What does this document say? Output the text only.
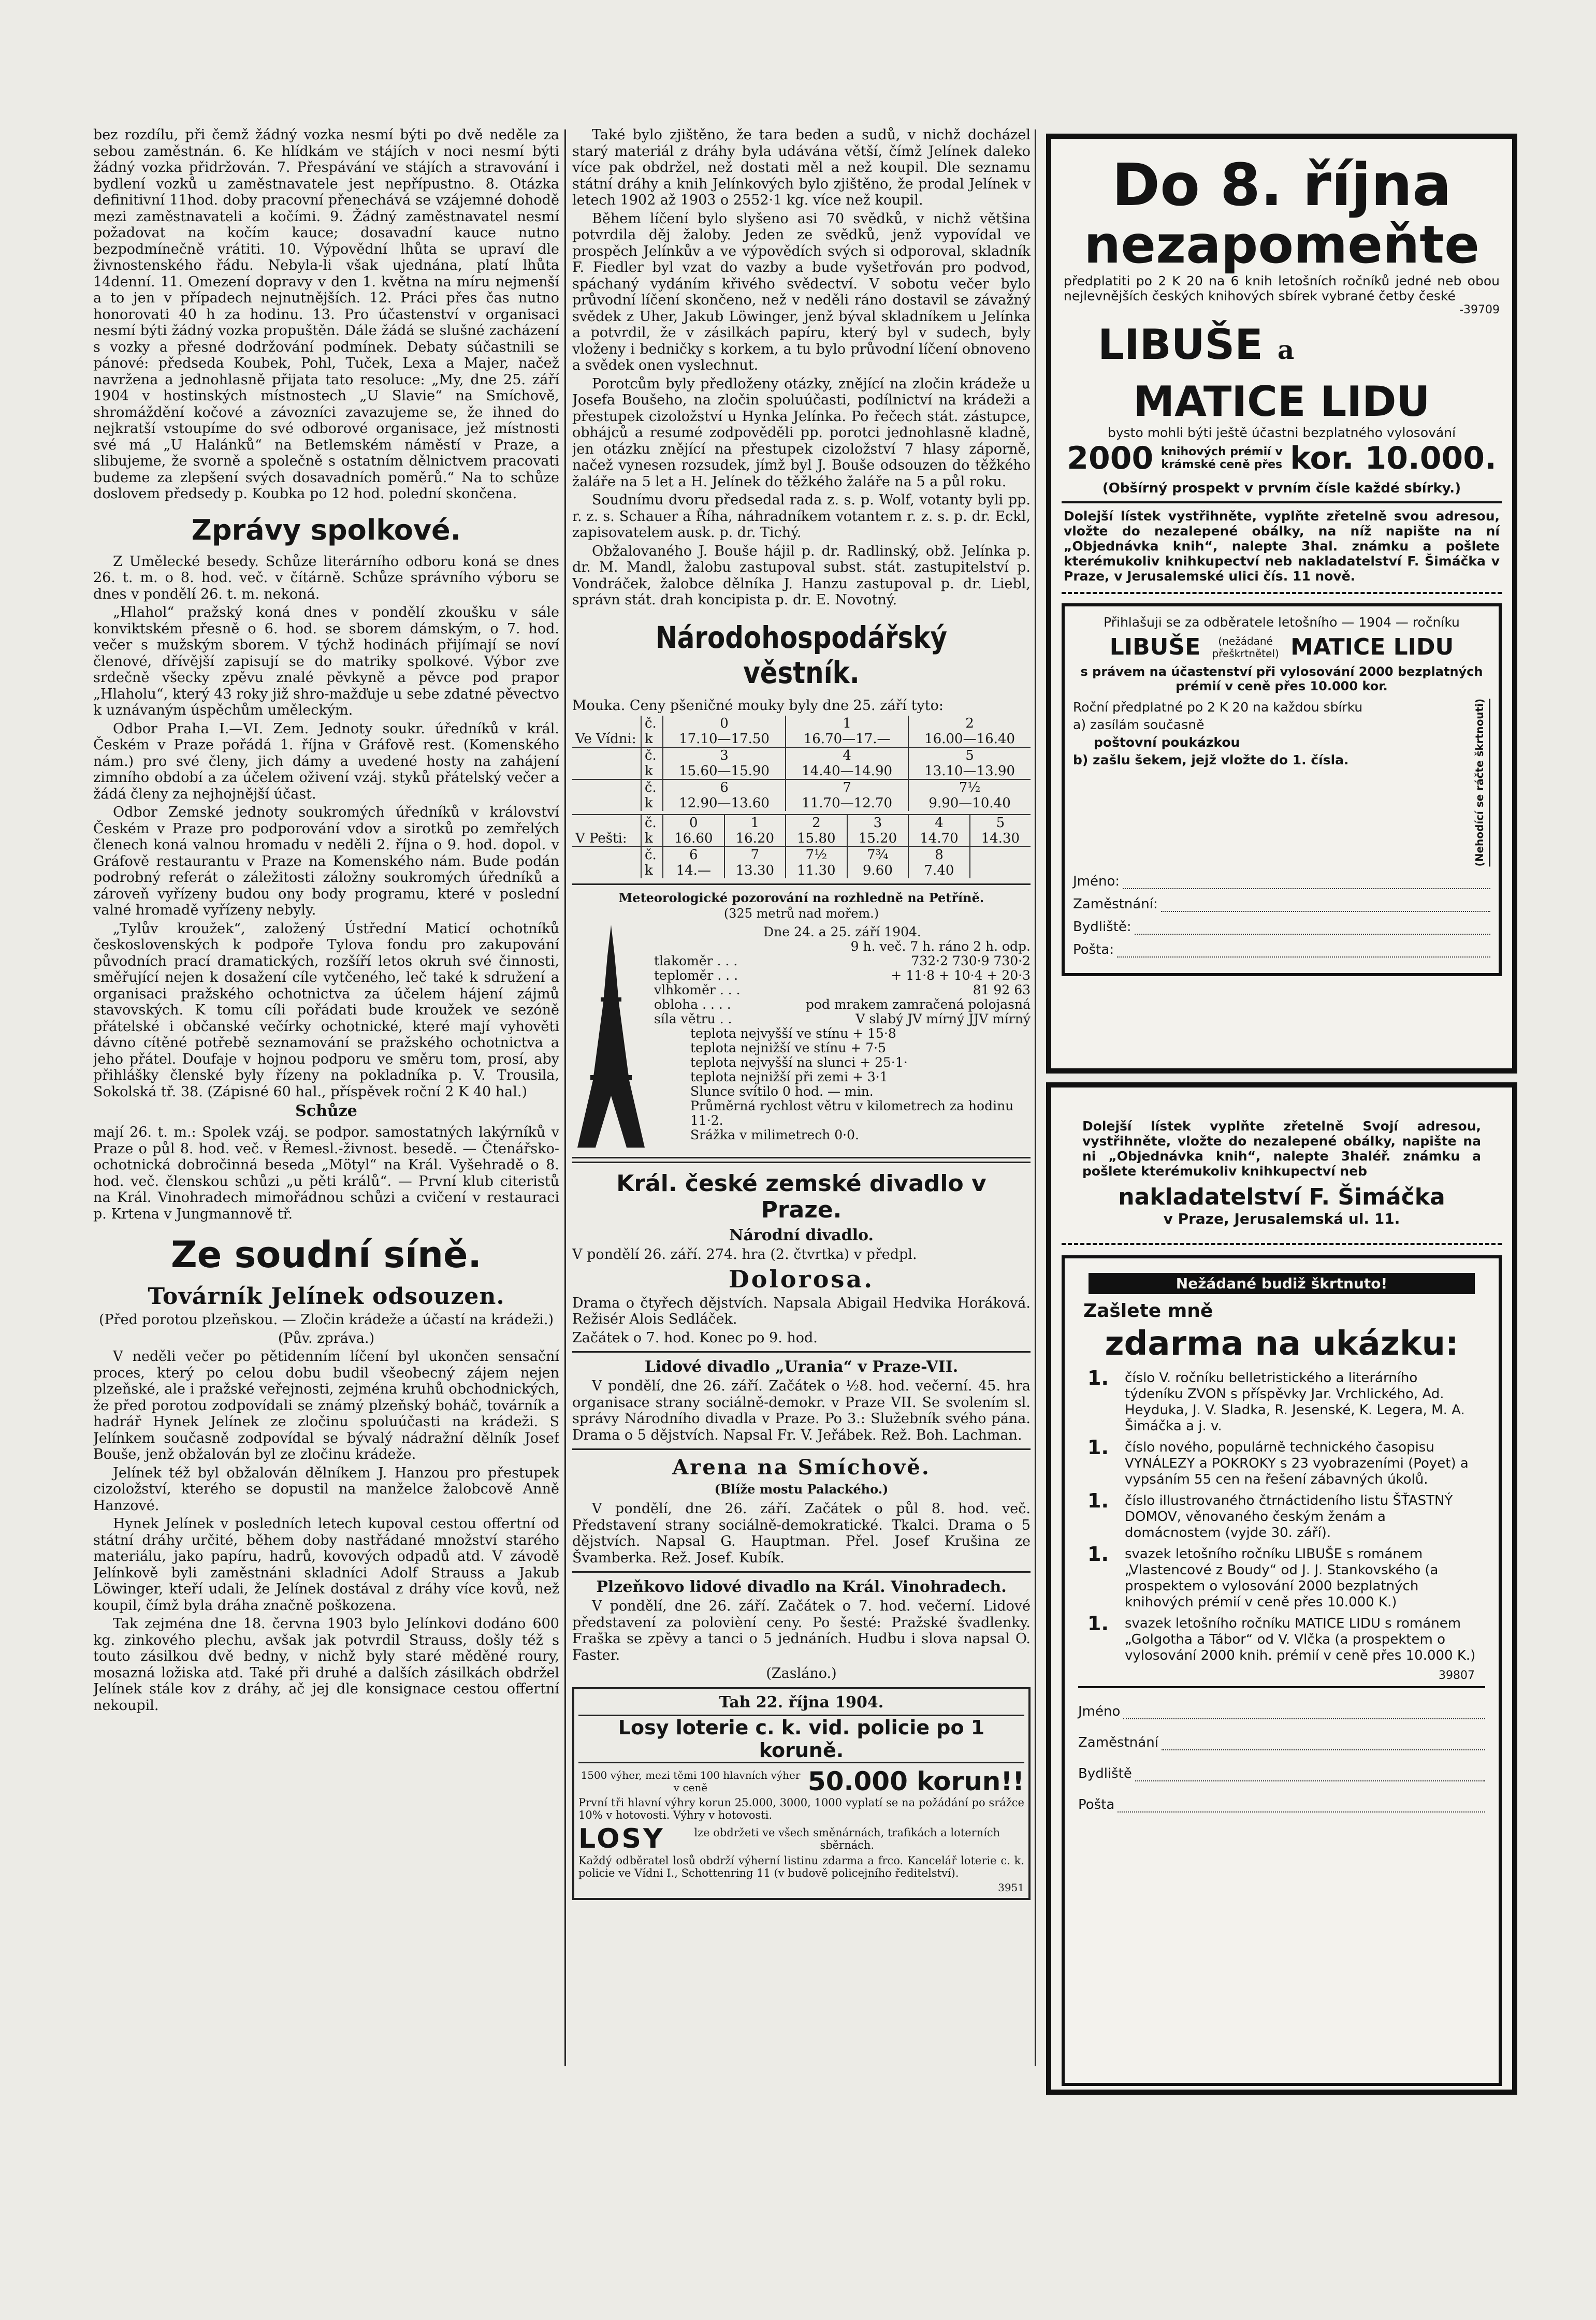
bez rozdílu, při čemž žádný vozka nesmí býti po dvě neděle za sebou zaměstnán. 6. Ke hlídkám ve stájích v noci nesmí býti žádný vozka přidržován. 7. Přespávání ve stájích a stravování i bydlení vozků u zaměstnavatele jest nepřípustno. 8. Otázka definitivní 11hod. doby pracovní přenechává se vzájemné dohodě mezi zaměstnavateli a kočími. 9. Žádný zaměstnavatel nesmí požadovat na kočím kauce; dosavadní kauce nutno bezpodmínečně vrátiti. 10. Výpovědní lhůta se upraví dle živnostenského řádu. Nebyla-li však ujednána, platí lhůta 14denní. 11. Omezení dopravy v den 1. května na míru nejmenší a to jen v případech nejnutnějších. 12. Práci přes čas nutno honorovati 40 h za hodinu. 13. Pro účastenství v organisaci nesmí býti žádný vozka propuštěn. Dále žádá se slušné zacházení s vozky a přesné dodržování podmínek. Debaty súčastnili se pánové: předseda Koubek, Pohl, Tuček, Lexa a Majer, načež navržena a jednohlasně přijata tato resoluce: „My, dne 25. září 1904 v hostinských místnostech „U Slavie“ na Smíchově, shromáždění kočové a závozníci zavazujeme se, že ihned do nejkratší vstoupíme do své odborové organisace, jež místnosti své má „U Halánků“ na Betlemském náměstí v Praze, a slibujeme, že svorně a společně s ostatním dělnictvem pracovati budeme za zlepšení svých dosavadních poměrů.“ Na to schůze doslovem předsedy p. Koubka po 12 hod. polední skončena.

Zprávy spolkové.

Z Umělecké besedy. Schůze literárního odboru koná se dnes 26. t. m. o 8. hod. več. v čítárně. Schůze správního výboru se dnes v pondělí 26. t. m. nekoná.

„Hlahol“ pražský koná dnes v pondělí zkoušku v sále konviktském přesně o 6. hod. se sborem dámským, o 7. hod. večer s mužským sborem. V týchž hodinách přijímají se noví členové, dřívější zapisují se do matriky spolkové. Výbor zve srdečně všecky zpěvu znalé pěvkyně a pěvce pod prapor „Hlaholu“, který 43 roky již shro-mažďuje u sebe zdatné pěvectvo k uznávaným úspěchům uměleckým.

Odbor Praha I.—VI. Zem. Jednoty soukr. úředníků v král. Českém v Praze pořádá 1. října v Gráfově rest. (Komenského nám.) pro své členy, jich dámy a uvedené hosty na zahájení zimního období a za účelem oživení vzáj. styků přátelský večer a žádá členy za nejhojnější účast.

Odbor Zemské jednoty soukromých úředníků v království Českém v Praze pro podporování vdov a sirotků po zemřelých členech koná valnou hromadu v neděli 2. října o 9. hod. dopol. v Gráfově restaurantu v Praze na Komenského nám. Bude podán podrobný referát o záležitosti záložny soukromých úředníků a zároveň vyřízeny budou ony body programu, které v poslední valné hromadě vyřízeny nebyly.

„Tylův kroužek“, založený Ústřední Maticí ochotníků československých k podpoře Tylova fondu pro zakupování původních prací dramatických, rozšíří letos okruh své činnosti, směřující nejen k dosažení cíle vytčeného, leč také k sdružení a organisaci pražského ochotnictva za účelem hájení zájmů stavovských. K tomu cíli pořádati bude kroužek ve sezóně přátelské i občanské večírky ochotnické, které mají vyhověti dávno cítěné potřebě seznamování se pražského ochotnictva a jeho přátel. Doufaje v hojnou podporu ve směru tom, prosí, aby přihlášky členské byly řízeny na pokladníka p. V. Trousila, Sokolská tř. 38. (Zápisné 60 hal., příspěvek roční 2 K 40 hal.)

Schůze

mají 26. t. m.: Spolek vzáj. se podpor. samostatných lakýrníků v Praze o půl 8. hod. več. v Řemesl.-živnost. besedě. — Čtenářsko-ochotnická dobročinná beseda „Mötyl“ na Král. Vyšehradě o 8. hod. več. členskou schůzi „u pěti králů“. — První klub citeristů na Král. Vinohradech mimořádnou schůzi a cvičení v restauraci p. Krtena v Jungmannově tř.

Ze soudní síně.
Továrník Jelínek odsouzen.

(Před porotou plzeňskou. — Zločin krádeže a účastí na krádeži.)

(Pův. zpráva.)

V neděli večer po pětidenním líčení byl ukončen sensační proces, který po celou dobu budil všeobecný zájem nejen plzeňské, ale i pražské veřejnosti, zejména kruhů obchodnických, že před porotou zodpovídali se známý plzeňský boháč, továrník a hadrář Hynek Jelínek ze zločinu spoluúčasti na krádeži. S Jelínkem současně zodpovídal se bývalý nádražní dělník Josef Bouše, jenž obžalován byl ze zločinu krádeže.

Jelínek též byl obžalován dělníkem J. Hanzou pro přestupek cizoložství, kterého se dopustil na manželce žalobcově Anně Hanzové.

Hynek Jelínek v posledních letech kupoval cestou offertní od státní dráhy určité, během doby nastřádané množství starého materiálu, jako papíru, hadrů, kovových odpadů atd. V závodě Jelínkově byli zaměstnáni skladníci Adolf Strauss a Jakub Löwinger, kteří udali, že Jelínek dostával z dráhy více kovů, než koupil, čímž byla dráha značně poškozena.

Tak zejména dne 18. června 1903 bylo Jelínkovi dodáno 600 kg. zinkového plechu, avšak jak potvrdil Strauss, došly též s touto zásilkou dvě bedny, v nichž byly staré měděné roury, mosazná ložiska atd. Také při druhé a dalších zásilkách obdržel Jelínek stále kov z dráhy, ač jej dle konsignace cestou offertní nekoupil.

Také bylo zjištěno, že tara beden a sudů, v nichž docházel starý materiál z dráhy byla udávána větší, čímž Jelínek daleko více pak obdržel, než dostati měl a než koupil. Dle seznamu státní dráhy a knih Jelínkových bylo zjištěno, že prodal Jelínek v letech 1902 až 1903 o 2552·1 kg. více než koupil.

Během líčení bylo slyšeno asi 70 svědků, v nichž většina potvrdila děj žaloby. Jeden ze svědků, jenž vypovídal ve prospěch Jelínkův a ve výpovědích svých si odporoval, skladník F. Fiedler byl vzat do vazby a bude vyšetřován pro podvod, spáchaný vydáním křivého svědectví. V sobotu večer bylo průvodní líčení skončeno, než v neděli ráno dostavil se závažný svědek z Uher, Jakub Löwinger, jenž býval skladníkem u Jelínka a potvrdil, že v zásilkách papíru, který byl v sudech, byly vloženy i bedničky s korkem, a tu bylo průvodní líčení obnoveno a svědek onen vyslechnut.

Porotcům byly předloženy otázky, znějící na zločin krádeže u Josefa Boušeho, na zločin spoluúčasti, podílnictví na krádeži a přestupek cizoložství u Hynka Jelínka. Po řečech stát. zástupce, obhájců a resumé zodpověděli pp. porotci jednohlasně kladně, jen otázku znějící na přestupek cizoložství 7 hlasy záporně, načež vynesen rozsudek, jímž byl J. Bouše odsouzen do těžkého žaláře na 5 let a H. Jelínek do těžkého žaláře na 5 a půl roku.

Soudnímu dvoru předsedal rada z. s. p. Wolf, votanty byli pp. r. z. s. Schauer a Říha, náhradníkem votantem r. z. s. p. dr. Eckl, zapisovatelem ausk. p. dr. Tichý.

Obžalovaného J. Bouše hájil p. dr. Radlinský, obž. Jelínka p. dr. M. Mandl, žalobu zastupoval subst. stát. zastupitelství p. Vondráček, žalobce dělníka J. Hanzu zastupoval p. dr. Liebl, správn stát. drah koncipista p. dr. E. Novotný.

Národohospodářský věstník.

Mouka. Ceny pšeničné mouky byly dne 25. září tyto:

	č.	0	1	2
Ve Vídni:	k	17.10—17.50	16.70—17.—	16.00—16.40
	č.	3	4	5
	k	15.60—15.90	14.40—14.90	13.10—13.90
	č.	6	7	7½
	k	12.90—13.60	11.70—12.70	9.90—10.40
	č.	0	1	2	3	4	5
V Pešti:	k	16.60	16.20	15.80	15.20	14.70	14.30
	č.	6	7	7½	7¾	8	
	k	14.—	13.30	11.30	9.60	7.40	
Meteorologické pozorování na rozhledně na Petříně.
(325 metrů nad mořem.)
Dne 24. a 25. září 1904.
9 h. več. 7 h. ráno 2 h. odp.
tlakoměr . . .	732·2 730·9 730·2
teploměr . . .	+ 11·8 + 10·4 + 20·3
vlhkoměr . . .	81 92 63
obloha . . . .	pod mrakem zamračená polojasná
síla větru . .	V slabý JV mírný JJV mírný
teplota nejvyšší ve stínu + 15·8
teplota nejnižší ve stínu + 7·5
teplota nejvyšší na slunci + 25·1·
teplota nejnižší při zemi + 3·1
Slunce svítilo 0 hod. — min.
Průměrná rychlost větru v kilometrech za hodinu 11·2.
Srážka v milimetrech 0·0.
Král. české zemské divadlo v Praze.
Národní divadlo.

V pondělí 26. září. 274. hra (2. čtvrtka) v předpl.

Dolorosa.

Drama o čtyřech dějstvích. Napsala Abigail Hedvika Horáková. Režisér Alois Sedláček.

Začátek o 7. hod. Konec po 9. hod.

Lidové divadlo „Urania“ v Praze-VII.

V pondělí, dne 26. září. Začátek o ½8. hod. večerní. 45. hra organisace strany sociálně-demokr. v Praze VII. Se svolením sl. správy Národního divadla v Praze. Po 3.: Služebník svého pána. Drama o 5 dějstvích. Napsal Fr. V. Jeřábek. Rež. Boh. Lachman.

Arena na Smíchově.
(Blíže mostu Palackého.)

V pondělí, dne 26. září. Začátek o půl 8. hod. več. Představení strany sociálně-demokratické. Tkalci. Drama o 5 dějstvích. Napsal G. Hauptman. Přel. Josef Krušina ze Švamberka. Rež. Josef. Kubík.

Plzeňkovo lidové divadlo na Král. Vinohradech.

V pondělí, dne 26. září. Začátek o 7. hod. večerní. Lidové představení za polovièní ceny. Po šesté: Pražské švadlenky. Fraška se zpěvy a tanci o 5 jednáních. Hudbu i slova napsal O. Faster.

(Zasláno.)

Tah 22. října 1904.
Losy loterie c. k. vid. policie po 1 koruně.
1500 výher, mezi těmi 100 hlavních výher v ceně	50.000 korun!!

První tři hlavní výhry korun 25.000, 3000, 1000 vyplatí se na požádání po srážce 10% v hotovosti. Výhry v hotovosti.

LOSY	lze obdržeti ve všech směnárnách, trafikách a loterních sběrnách.

Každý odběratel losů obdrží výherní listinu zdarma a frco. Kancelář loterie c. k. policie ve Vídni I., Schottenring 11 (v budově policejního ředitelství).

3951
Do 8. října
nezapomeňte
předplatiti po 2 K 20 na 6 knih letošních ročníků jedné neb obou nejlevnějších českých knihových sbírek vybrané četby české
-39709
LIBUŠE a
MATICE LIDU
bysto mohli býti ještě účastni bezplatného vylosování
2000 knihových prémií v krámské ceně přes kor. 10.000.
(Obšírný prospekt v prvním čísle každé sbírky.)
Dolejší lístek vystřihněte, vyplňte zřetelně svou adresou, vložte do nezalepené obálky, na níž napište na ní „Objednávka knih“, nalepte 3hal. známku a pošlete kterémukoliv knihkupectví neb nakladatelství F. Šimáčka v Praze, v Jerusalemské ulici čís. 11 nově.
Přihlašuji se za odběratele letošního — 1904 — ročníku
LIBUŠE	(nežádané přeškrtnětel) MATICE LIDU
s právem na účastenství při vylosování 2000 bezplatných prémií v ceně přes 10.000 kor.
Roční předplatné po 2 K 20 na každou sbírku
a) zasílám současně
poštovní poukázkou
b) zašlu šekem, jejž vložte do 1. čísla.	(Nehodící se ráčte škrtnouti)
Jméno:
Zaměstnání:
Bydliště:
Pošta:
Dolejší lístek vyplňte zřetelně Svojí adresou, vystřihněte, vložte do nezalepené obálky, napište na ni „Objednávka knih“, nalepte 3haléř. známku a pošlete kterémukoliv knihkupectví neb
nakladatelství F. Šimáčka
v Praze, Jerusalemská ul. 11.
Nežádané budiž škrtnuto!
Zašlete mně
zdarma na ukázku:
1.	číslo V. ročníku belletristického a literárního týdeníku ZVON s příspěvky Jar. Vrchlického, Ad. Heyduka, J. V. Sladka, R. Jesenské, K. Legera, M. A. Šimáčka a j. v.
1.	číslo nového, populárně technického časopisu VYNÁLEZY a POKROKY s 23 vyobrazeními (Poyet) a vypsáním 55 cen na řešení zábavných úkolů.
1.	číslo illustrovaného čtrnáctideního listu ŠŤASTNÝ DOMOV, věnovaného českým ženám a domácnostem (vyjde 30. září).
1.	svazek letošního ročníku LIBUŠE s románem „Vlastencové z Boudy“ od J. J. Stankovského (a prospektem o vylosování 2000 bezplatných knihových prémií v ceně přes 10.000 K.)
1.	svazek letošního ročníku MATICE LIDU s románem „Golgotha a Tábor“ od V. Vlčka (a prospektem o vylosování 2000 knih. prémií v ceně přes 10.000 K.)
39807
Jméno
Zaměstnání
Bydliště
Pošta
